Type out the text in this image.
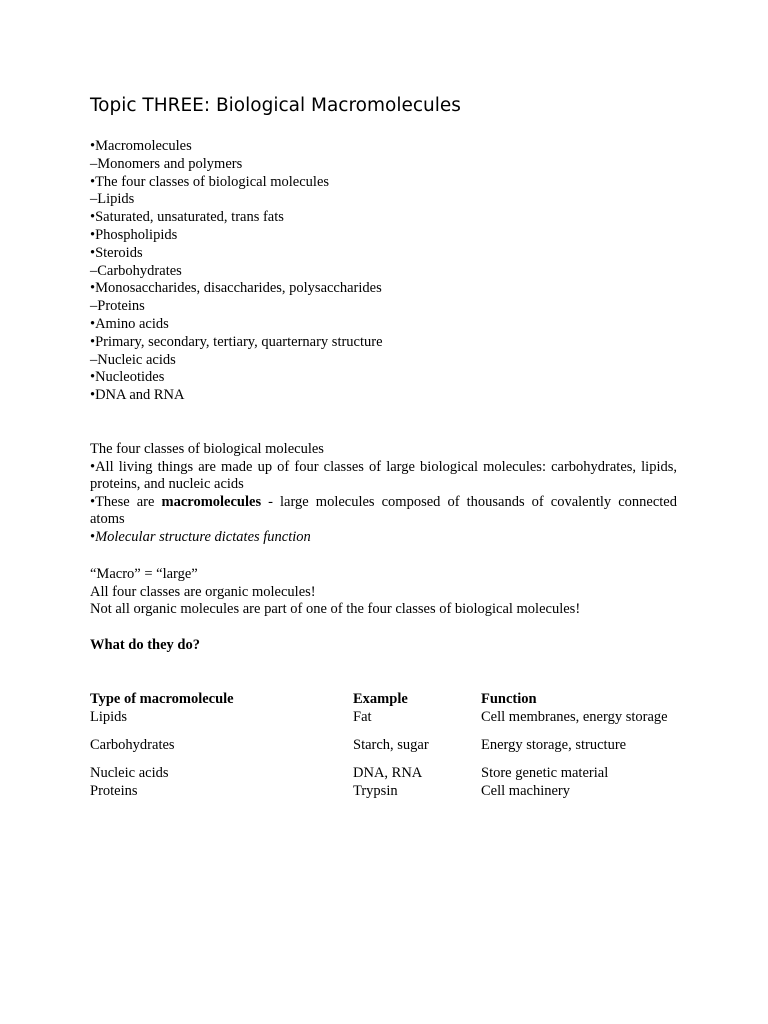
Topic THREE: Biological Macromolecules
•Macromolecules
–Monomers and polymers
•The four classes of biological molecules
–Lipids
•Saturated, unsaturated, trans fats
•Phospholipids
•Steroids
–Carbohydrates
•Monosaccharides, disaccharides, polysaccharides
–Proteins
•Amino acids
•Primary, secondary, tertiary, quarternary structure
–Nucleic acids
•Nucleotides
•DNA and RNA
The four classes of biological molecules
•All living things are made up of four classes of large biological molecules: carbohydrates, lipids, proteins, and nucleic acids
•These are macromolecules - large molecules composed of thousands of covalently connected atoms
•Molecular structure dictates function
“Macro” = “large”
All four classes are organic molecules!
Not all organic molecules are part of one of the four classes of biological molecules!
What do they do?
Type of macromolecule	Example	Function
Lipids	Fat	Cell membranes, energy storage
Carbohydrates	Starch, sugar	Energy storage, structure
Nucleic acids	DNA, RNA	Store genetic material
Proteins	Trypsin	Cell machinery
